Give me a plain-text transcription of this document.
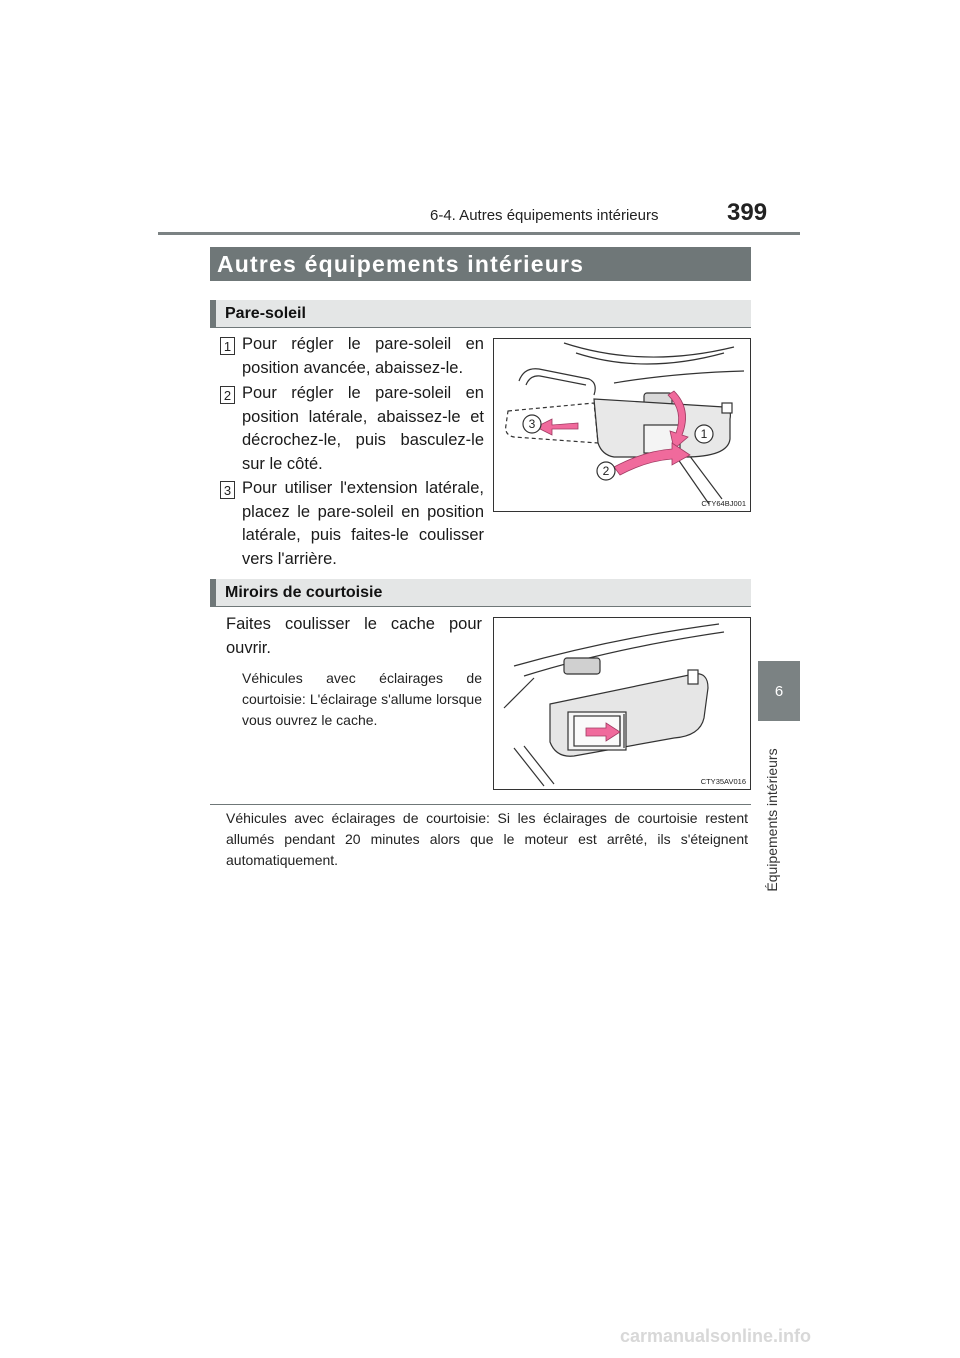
6-4. Autres équipements intérieurs	399
6
Équipements intérieurs
Autres équipements intérieurs
Pare-soleil
1 Pour régler le pare-soleil en position avancée, abaissez-le.
2 Pour régler le pare-soleil en position latérale, abaissez-le et décrochez-le, puis basculez-le sur le côté.
3 Pour utiliser l'extension latérale, placez le pare-soleil en position latérale, puis faites-le coulisser vers l'arrière.
1
2
3
CTY64BJ001
Miroirs de courtoisie
Faites coulisser le cache pour ouvrir.
Véhicules avec éclairages de courtoisie: L'éclairage s'allume lorsque vous ouvrez le cache.
CTY35AV016
Véhicules avec éclairages de courtoisie: Si les éclairages de courtoisie restent allumés pendant 20 minutes alors que le moteur est arrêté, ils s'éteignent automatiquement.
carmanualsonline.info
